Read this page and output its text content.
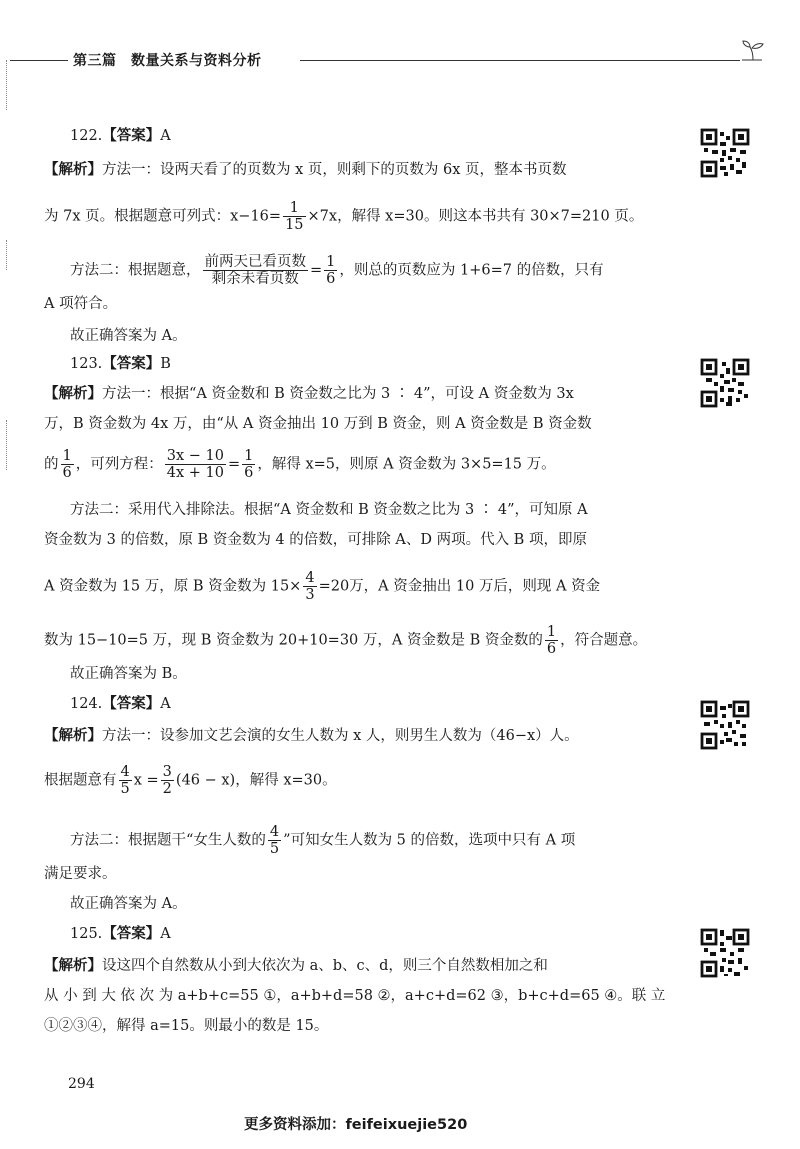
第三篇　数量关系与资料分析
122.【答案】A
【解析】方法一：设两天看了的页数为 x 页，则剩下的页数为 6x 页，整本书页数
为 7x 页。根据题意可列式：$x-16= \frac{1}{15} \times 7x$，解得 x=30。则这本书共有 30×7=210 页。
方法二：根据题意， $\frac{\text{前两天已看页数}}{\text{剩余未看页数}} = \frac{1}{6}$ ，则总的页数应为 1+6=7 的倍数，只有
A 项符合。
故正确答案为 A。
123.【答案】B
【解析】方法一：根据“A 资金数和 B 资金数之比为 3 ∶ 4”，可设 A 资金数为 3x
万，B 资金数为 4x 万，由“从 A 资金抽出 10 万到 B 资金，则 A 资金数是 B 资金数
的 $\frac{1}{6}$ ，可列方程： $\frac{3x - 10}{4x + 10} = \frac{1}{6}$ ，解得 x=5，则原 A 资金数为 3×5=15 万。
方法二：采用代入排除法。根据“A 资金数和 B 资金数之比为 3 ∶ 4”，可知原 A
资金数为 3 的倍数，原 B 资金数为 4 的倍数，可排除 A、D 两项。代入 B 项，即原
A 资金数为 15 万，原 B 资金数为 $15\times \frac{4}{3} =20$万，A 资金抽出 10 万后，则现 A 资金
数为 15−10=5 万，现 B 资金数为 20+10=30 万，A 资金数是 B 资金数的 $\frac{1}{6}$ ，符合题意。
故正确答案为 B。
124.【答案】A
【解析】方法一：设参加文艺会演的女生人数为 x 人，则男生人数为（46−x）人。
根据题意有 $\frac{4}{5}$ $x = \frac{3}{2} (46 - x)$，解得 x=30。
方法二：根据题干“女生人数的 $\frac{4}{5}$ ”可知女生人数为 5 的倍数，选项中只有 A 项
满足要求。
故正确答案为 A。
125.【答案】A
【解析】设这四个自然数从小到大依次为 a、b、c、d，则三个自然数相加之和
从 小 到 大 依 次 为 a+b+c=55 ①，a+b+d=58 ②，a+c+d=62 ③，b+c+d=65 ④。联 立
①②③④，解得 a=15。则最小的数是 15。
294
更多资料添加：feifeixuejie520
